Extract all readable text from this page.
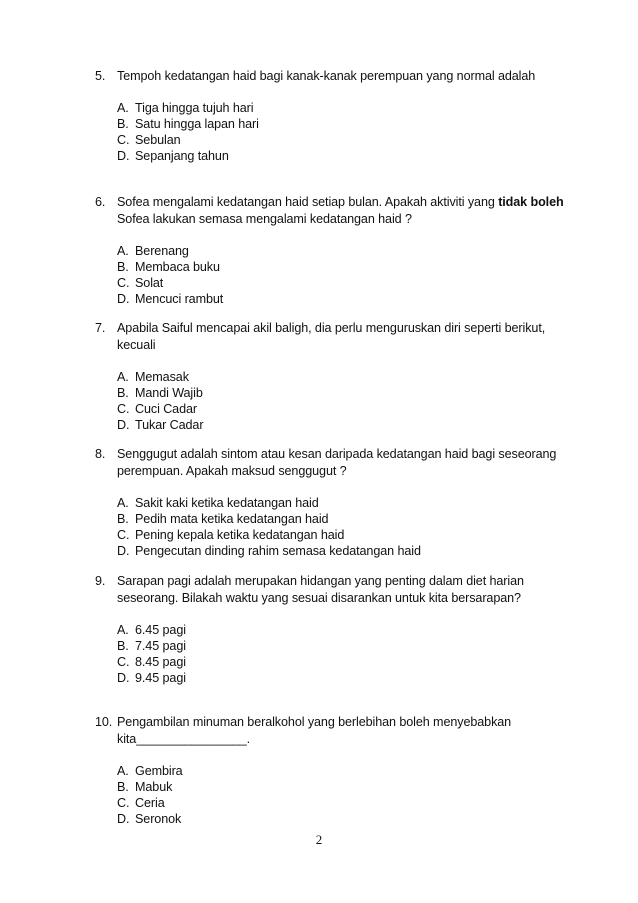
5. Tempoh kedatangan haid bagi kanak-kanak perempuan yang normal adalah
A. Tiga hingga tujuh hari
B. Satu hingga lapan hari
C. Sebulan
D. Sepanjang tahun
6. Sofea mengalami kedatangan haid setiap bulan. Apakah aktiviti yang tidak boleh Sofea lakukan semasa mengalami kedatangan haid ?
A. Berenang
B. Membaca buku
C. Solat
D. Mencuci rambut
7. Apabila Saiful mencapai akil baligh, dia perlu menguruskan diri seperti berikut, kecuali
A. Memasak
B. Mandi Wajib
C. Cuci Cadar
D. Tukar Cadar
8. Senggugut adalah sintom atau kesan daripada kedatangan haid bagi seseorang perempuan. Apakah maksud senggugut ?
A. Sakit kaki ketika kedatangan haid
B. Pedih mata ketika kedatangan haid
C. Pening kepala ketika kedatangan haid
D. Pengecutan dinding rahim semasa kedatangan haid
9. Sarapan pagi adalah merupakan hidangan yang penting dalam diet harian seseorang. Bilakah waktu yang sesuai disarankan untuk kita bersarapan?
A. 6.45 pagi
B. 7.45 pagi
C. 8.45 pagi
D. 9.45 pagi
10. Pengambilan minuman beralkohol yang berlebihan boleh menyebabkan kita________________.
A. Gembira
B. Mabuk
C. Ceria
D. Seronok
2
